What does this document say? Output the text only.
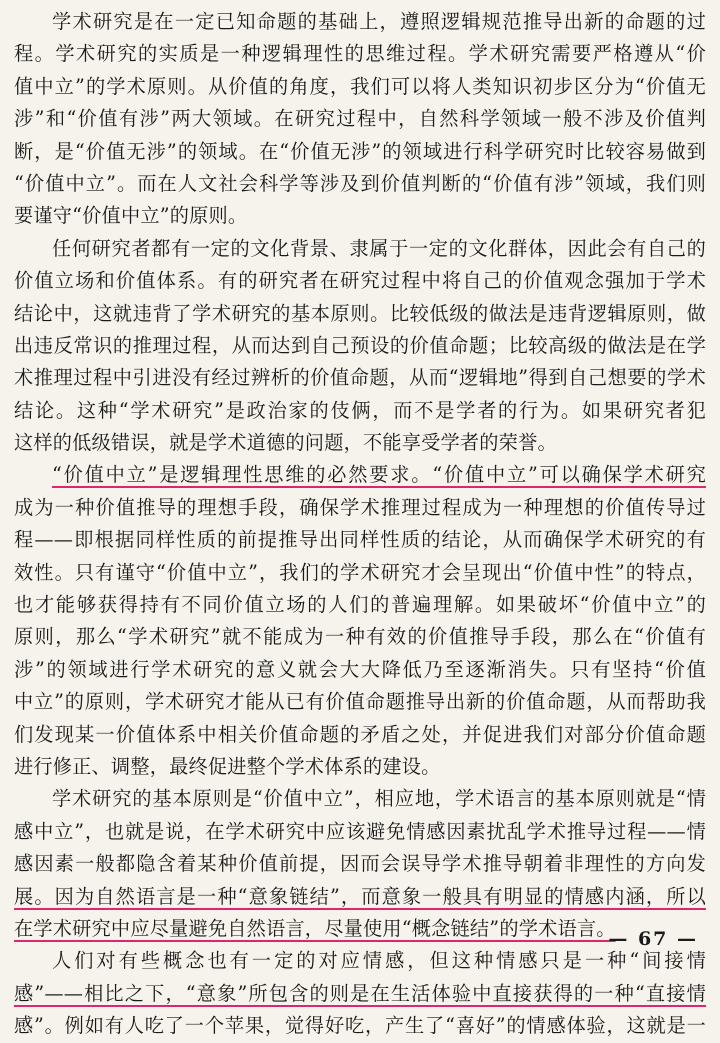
学术研究是在一定已知命题的基础上，遵照逻辑规范推导出新的命题的过
程。学术研究的实质是一种逻辑理性的思维过程。学术研究需要严格遵从“价
值中立”的学术原则。从价值的角度，我们可以将人类知识初步区分为“价值无
涉”和“价值有涉”两大领域。在研究过程中，自然科学领域一般不涉及价值判
断，是“价值无涉”的领域。在“价值无涉”的领域进行科学研究时比较容易做到
“价值中立”。而在人文社会科学等涉及到价值判断的“价值有涉”领域，我们则
要谨守“价值中立”的原则。

任何研究者都有一定的文化背景、隶属于一定的文化群体，因此会有自己的
价值立场和价值体系。有的研究者在研究过程中将自己的价值观念强加于学术
结论中，这就违背了学术研究的基本原则。比较低级的做法是违背逻辑原则，做
出违反常识的推理过程，从而达到自己预设的价值命题；比较高级的做法是在学
术推理过程中引进没有经过辨析的价值命题，从而“逻辑地”得到自己想要的学术
结论。这种“学术研究”是政治家的伎俩，而不是学者的行为。如果研究者犯
这样的低级错误，就是学术道德的问题，不能享受学者的荣誉。

“价值中立”是逻辑理性思维的必然要求。“价值中立”可以确保学术研究
成为一种价值推导的理想手段，确保学术推理过程成为一种理想的价值传导过
程——即根据同样性质的前提推导出同样性质的结论，从而确保学术研究的有
效性。只有谨守“价值中立”，我们的学术研究才会呈现出“价值中性”的特点，
也才能够获得持有不同价值立场的人们的普遍理解。如果破坏“价值中立”的
原则，那么“学术研究”就不能成为一种有效的价值推导手段，那么在“价值有
涉”的领域进行学术研究的意义就会大大降低乃至逐渐消失。只有坚持“价值
中立”的原则，学术研究才能从已有价值命题推导出新的价值命题，从而帮助我
们发现某一价值体系中相关价值命题的矛盾之处，并促进我们对部分价值命题
进行修正、调整，最终促进整个学术体系的建设。

学术研究的基本原则是“价值中立”，相应地，学术语言的基本原则就是“情
感中立”，也就是说，在学术研究中应该避免情感因素扰乱学术推导过程——情
感因素一般都隐含着某种价值前提，因而会误导学术推导朝着非理性的方向发
展。因为自然语言是一种“意象链结”，而意象一般具有明显的情感内涵，所以
在学术研究中应尽量避免自然语言，尽量使用“概念链结”的学术语言。

人们对有些概念也有一定的对应情感，但这种情感只是一种“间接情
感”——相比之下，“意象”所包含的则是在生活体验中直接获得的一种“直接情
感”。例如有人吃了一个苹果，觉得好吃，产生了“喜好”的情感体验，这就是一

— 67 —
